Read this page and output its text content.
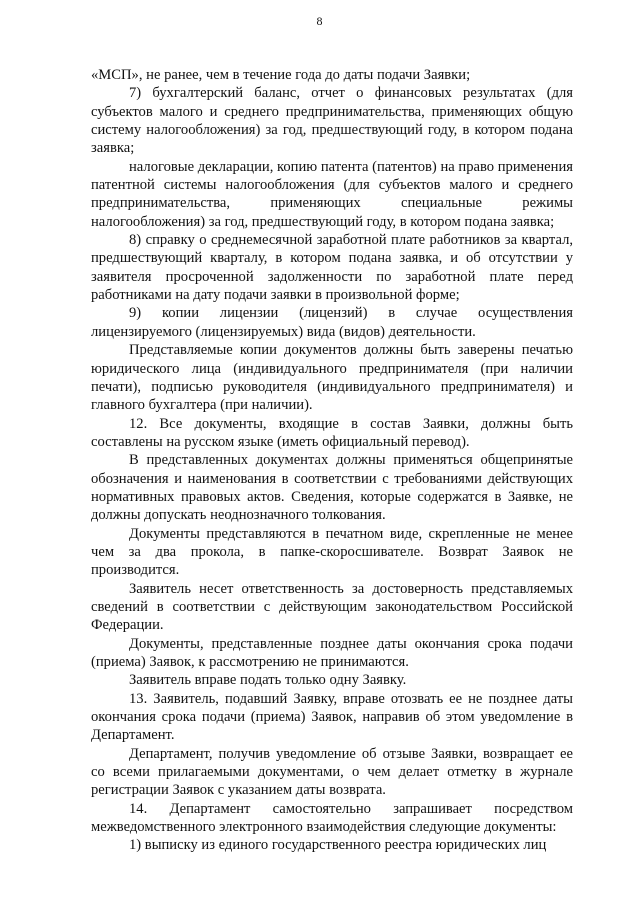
8

«МСП», не ранее, чем в течение года до даты подачи Заявки;

7) бухгалтерский баланс, отчет о финансовых результатах (для субъектов малого и среднего предпринимательства, применяющих общую систему налогообложения) за год, предшествующий году, в котором подана заявка;

налоговые декларации, копию патента (патентов) на право применения патентной системы налогообложения (для субъектов малого и среднего предпринимательства, применяющих специальные режимы налогообложения) за год, предшествующий году, в котором подана заявка;

8) справку о среднемесячной заработной плате работников за квартал, предшествующий кварталу, в котором подана заявка, и об отсутствии у заявителя просроченной задолженности по заработной плате перед работниками на дату подачи заявки в произвольной форме;

9) копии лицензии (лицензий) в случае осуществления лицензируемого (лицензируемых) вида (видов) деятельности.

Представляемые копии документов должны быть заверены печатью юридического лица (индивидуального предпринимателя (при наличии печати), подписью руководителя (индивидуального предпринимателя) и главного бухгалтера (при наличии).

12. Все документы, входящие в состав Заявки, должны быть составлены на русском языке (иметь официальный перевод).

В представленных документах должны применяться общепринятые обозначения и наименования в соответствии с требованиями действующих нормативных правовых актов. Сведения, которые содержатся в Заявке, не должны допускать неоднозначного толкования.

Документы представляются в печатном виде, скрепленные не менее чем за два прокола, в папке-скоросшивателе. Возврат Заявок не производится.

Заявитель несет ответственность за достоверность представляемых сведений в соответствии с действующим законодательством Российской Федерации.

Документы, представленные позднее даты окончания срока подачи (приема) Заявок, к рассмотрению не принимаются.

Заявитель вправе подать только одну Заявку.

13. Заявитель, подавший Заявку, вправе отозвать ее не позднее даты окончания срока подачи (приема) Заявок, направив об этом уведомление в Департамент.

Департамент, получив уведомление об отзыве Заявки, возвращает ее со всеми прилагаемыми документами, о чем делает отметку в журнале регистрации Заявок с указанием даты возврата.

14. Департамент самостоятельно запрашивает посредством межведомственного электронного взаимодействия следующие документы:

1) выписку из единого государственного реестра юридических лиц
